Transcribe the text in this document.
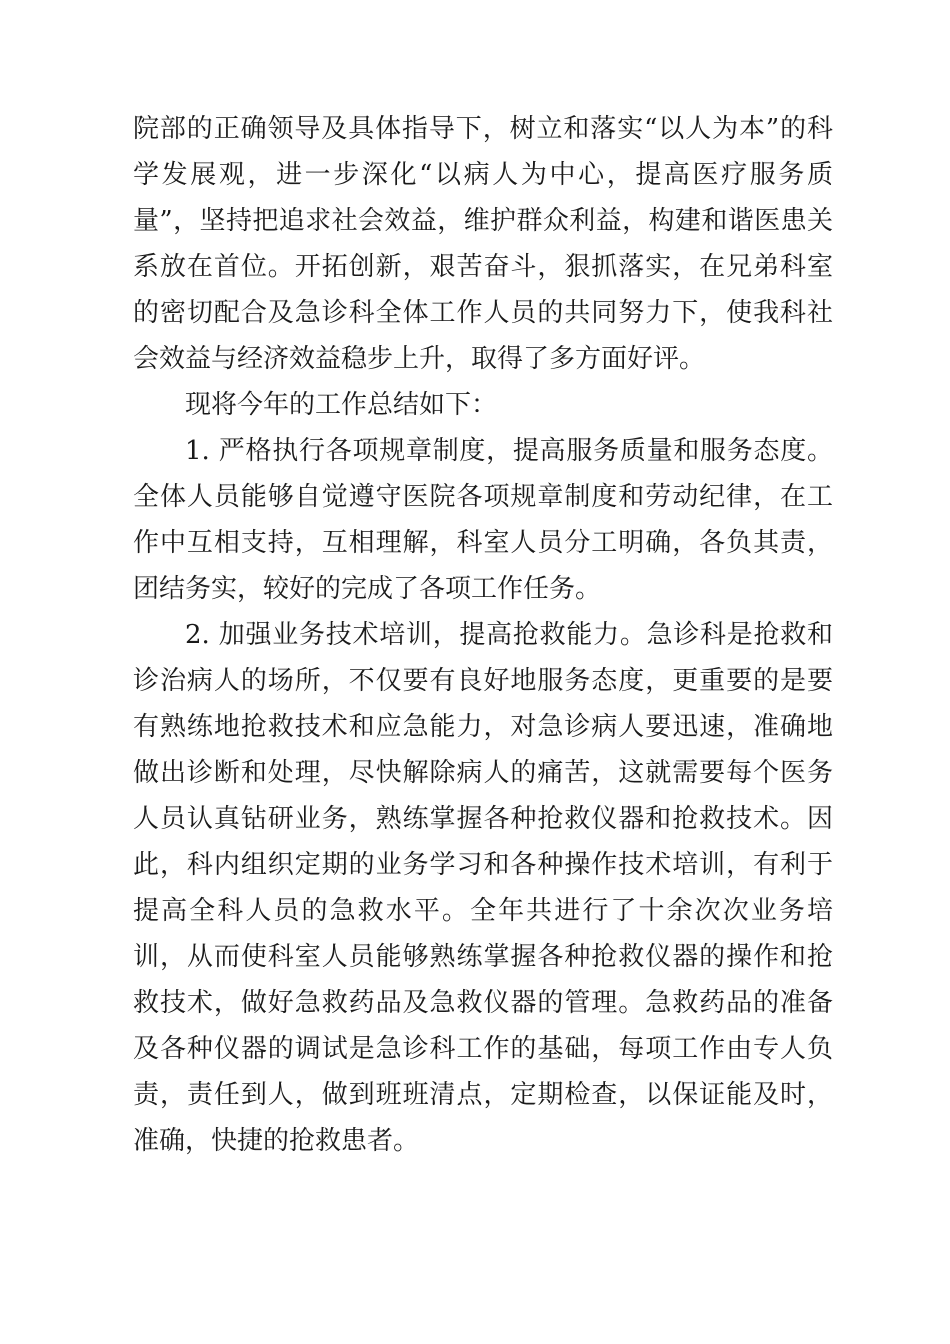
院部的正确领导及具体指导下，树立和落实“以人为本”的科学发展观，进一步深化“以病人为中心，提高医疗服务质量”，坚持把追求社会效益，维护群众利益，构建和谐医患关系放在首位。开拓创新，艰苦奋斗，狠抓落实，在兄弟科室的密切配合及急诊科全体工作人员的共同努力下，使我科社会效益与经济效益稳步上升，取得了多方面好评。

现将今年的工作总结如下：

1. 严格执行各项规章制度，提高服务质量和服务态度。全体人员能够自觉遵守医院各项规章制度和劳动纪律，在工作中互相支持，互相理解，科室人员分工明确，各负其责，团结务实，较好的完成了各项工作任务。

2. 加强业务技术培训，提高抢救能力。急诊科是抢救和诊治病人的场所，不仅要有良好地服务态度，更重要的是要有熟练地抢救技术和应急能力，对急诊病人要迅速，准确地做出诊断和处理，尽快解除病人的痛苦，这就需要每个医务人员认真钻研业务，熟练掌握各种抢救仪器和抢救技术。因此，科内组织定期的业务学习和各种操作技术培训，有利于提高全科人员的急救水平。全年共进行了十余次次业务培训，从而使科室人员能够熟练掌握各种抢救仪器的操作和抢救技术，做好急救药品及急救仪器的管理。急救药品的准备及各种仪器的调试是急诊科工作的基础，每项工作由专人负责，责任到人，做到班班清点，定期检查，以保证能及时，准确，快捷的抢救患者。
